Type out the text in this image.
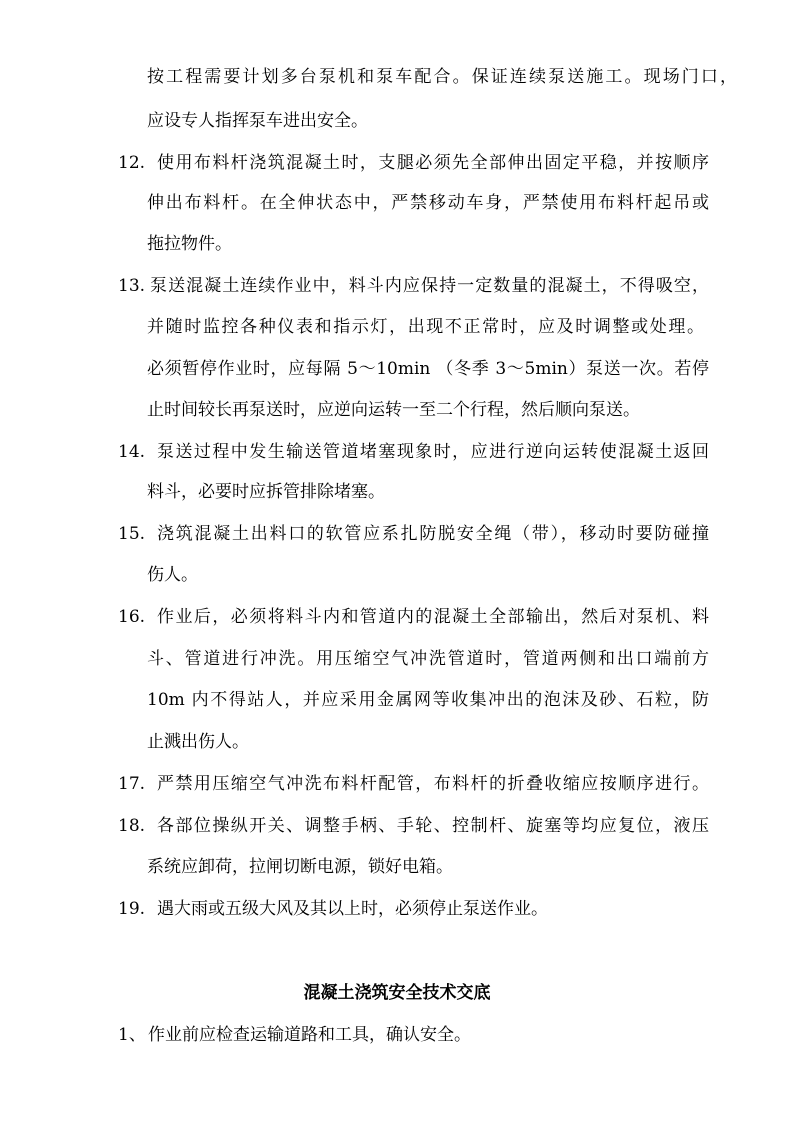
按工程需要计划多台泵机和泵车配合。保证连续泵送施工。现场门口，
应设专人指挥泵车进出安全。
12. 使用布料杆浇筑混凝土时，支腿必须先全部伸出固定平稳，并按顺序
伸出布料杆。在全伸状态中，严禁移动车身，严禁使用布料杆起吊或
拖拉物件。
13. 泵送混凝土连续作业中，料斗内应保持一定数量的混凝土，不得吸空，
并随时监控各种仪表和指示灯，出现不正常时，应及时调整或处理。
必须暂停作业时，应每隔 5～10min （冬季 3～5min）泵送一次。若停
止时间较长再泵送时，应逆向运转一至二个行程，然后顺向泵送。
14. 泵送过程中发生输送管道堵塞现象时，应进行逆向运转使混凝土返回
料斗，必要时应拆管排除堵塞。
15. 浇筑混凝土出料口的软管应系扎防脱安全绳（带），移动时要防碰撞
伤人。
16. 作业后，必须将料斗内和管道内的混凝土全部输出，然后对泵机、料
斗、管道进行冲洗。用压缩空气冲洗管道时，管道两侧和出口端前方
10m 内不得站人，并应采用金属网等收集冲出的泡沫及砂、石粒，防
止溅出伤人。
17. 严禁用压缩空气冲洗布料杆配管，布料杆的折叠收缩应按顺序进行。
18. 各部位操纵开关、调整手柄、手轮、控制杆、旋塞等均应复位，液压
系统应卸荷，拉闸切断电源，锁好电箱。
19. 遇大雨或五级大风及其以上时，必须停止泵送作业。
混凝土浇筑安全技术交底
1、 作业前应检查运输道路和工具，确认安全。
